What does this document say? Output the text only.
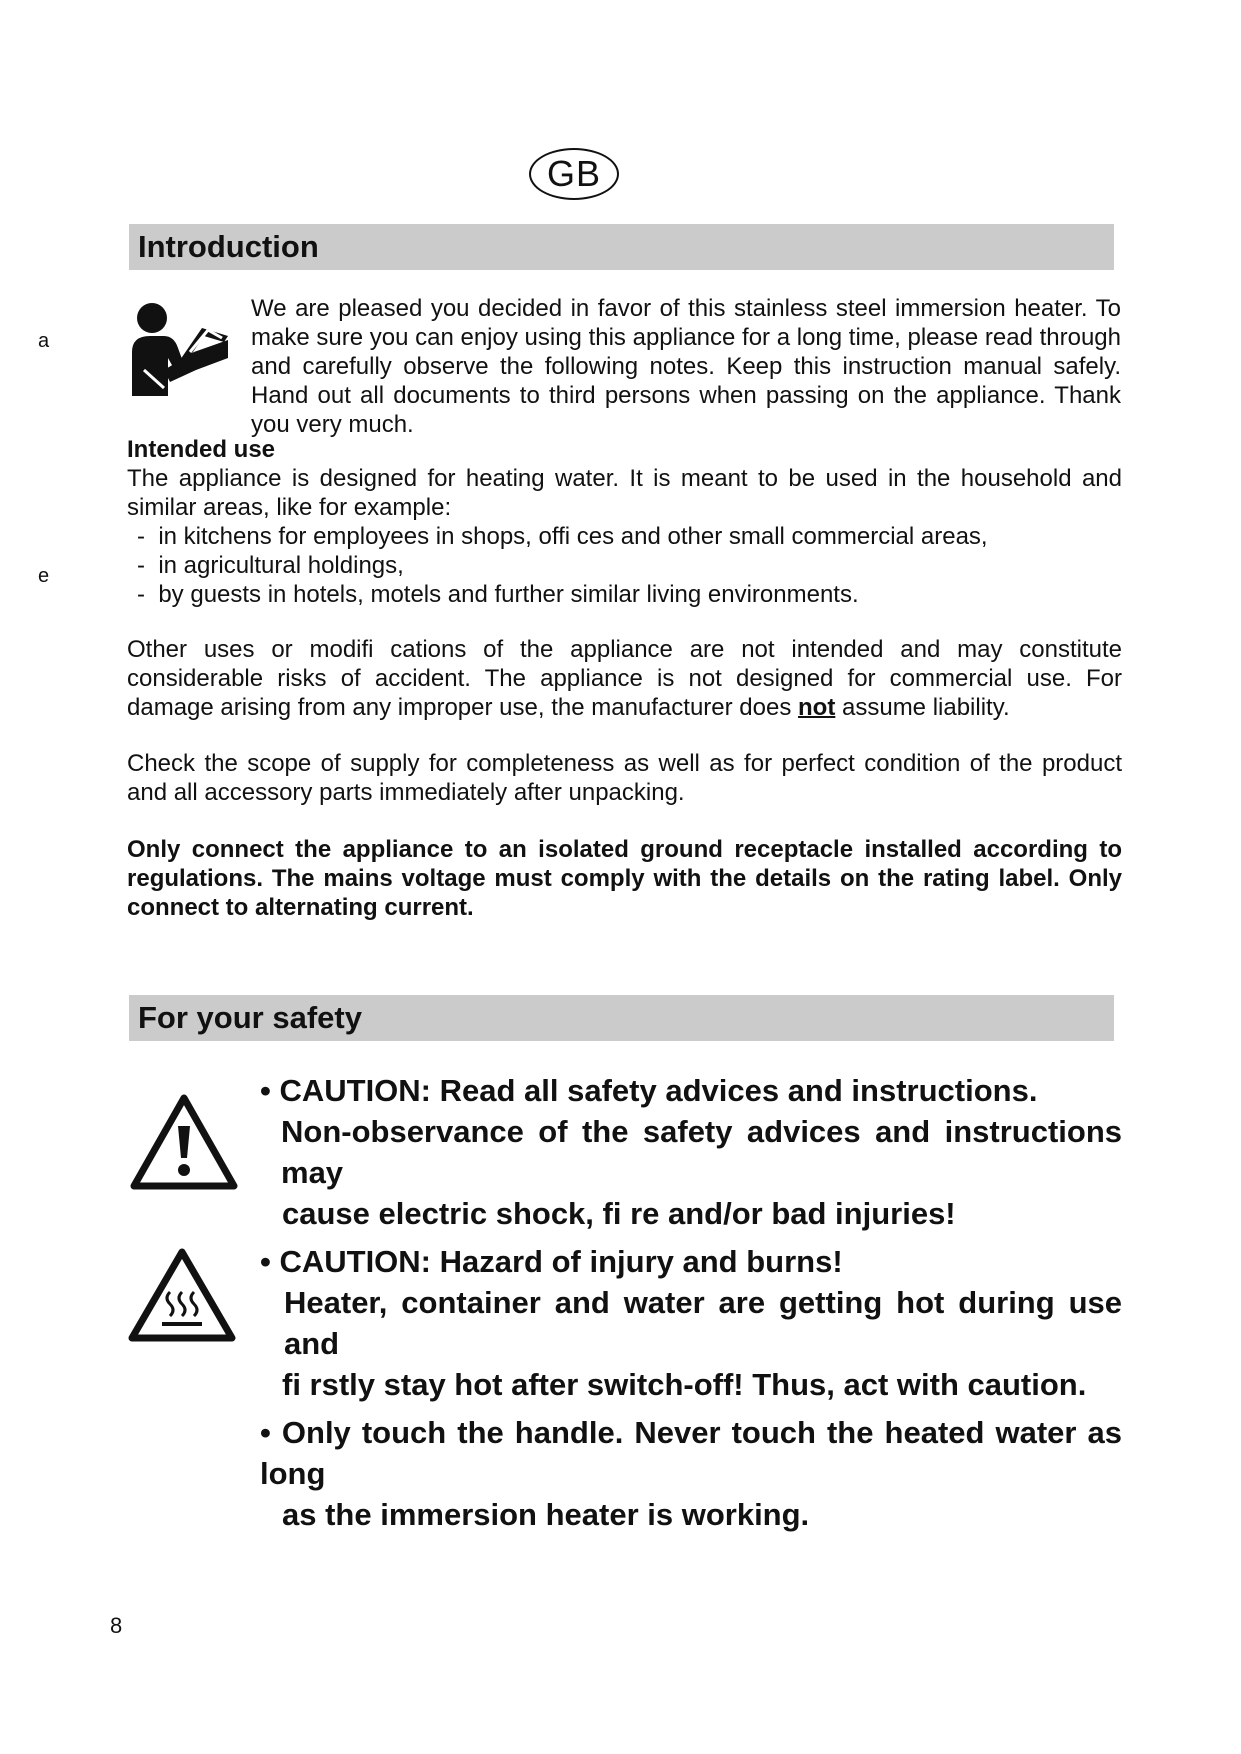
GB
Introduction
a
e
We are pleased you decided in favor of this stainless steel immersion heater. To make sure you can enjoy using this appliance for a long time, please read through and carefully observe the following notes. Keep this instruction manual safely. Hand out all documents to third persons when passing on the appliance. Thank you very much.
Intended use
The appliance is designed for heating water. It is meant to be used in the household and similar areas, like for example:
- in kitchens for employees in shops, offi ces and other small commercial areas,
- in agricultural holdings,
- by guests in hotels, motels and further similar living environments.
Other uses or modifi cations of the appliance are not intended and may constitute considerable risks of accident. The appliance is not designed for commercial use. For damage arising from any improper use, the manufacturer does not assume liability.
Check the scope of supply for completeness as well as for perfect condition of the product and all accessory parts immediately after unpacking.
Only connect the appliance to an isolated ground receptacle installed according to regulations. The mains voltage must comply with the details on the rating label. Only connect to alternating current.
For your safety
• CAUTION: Read all safety advices and instructions.
Non-observance of the safety advices and instructions may
cause electric shock, fi re and/or bad injuries!
• CAUTION: Hazard of injury and burns!
Heater, container and water are getting hot during use and
fi rstly stay hot after switch-off! Thus, act with caution.
• Only touch the handle. Never touch the heated water as long
as the immersion heater is working.
8
